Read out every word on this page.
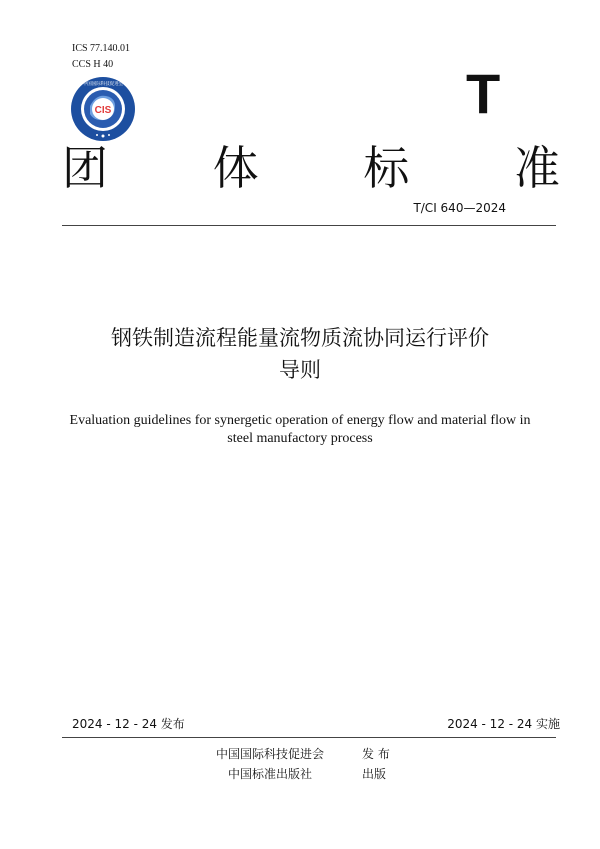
ICS 77.140.01
CCS H 40
CIS
中国国际科技促进会	T
团 体 标 准
T/CI 640—2024
钢铁制造流程能量流物质流协同运行评价
导则
Evaluation guidelines for synergetic operation of energy flow and material flow in
steel manufactory process
2024 - 12 - 24 发布	2024 - 12 - 24 实施
中国国际科技促进会	发 布
中国标准出版社	出版
